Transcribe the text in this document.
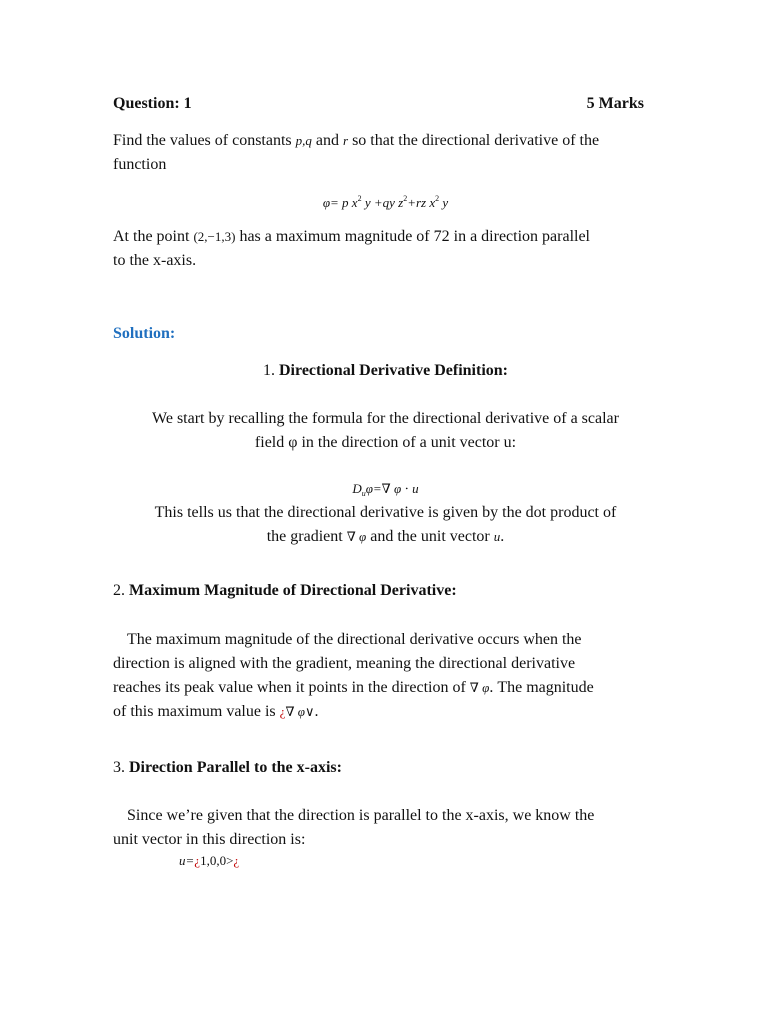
Question: 1	5 Marks
Find the values of constants p,q and r so that the directional derivative of the
function
φ= p $x^2$ y +qy $z^2+rz$ $x^2$ y
At the point (2,−1,3) has a maximum magnitude of 72 in a direction parallel
to the x-axis.
Solution:
1. Directional Derivative Definition:
We start by recalling the formula for the directional derivative of a scalar
field φ in the direction of a unit vector u:
Duφ=∇ φ ⋅ u
This tells us that the directional derivative is given by the dot product of
the gradient ∇ φ and the unit vector u.
2. Maximum Magnitude of Directional Derivative:
The maximum magnitude of the directional derivative occurs when the
direction is aligned with the gradient, meaning the directional derivative
reaches its peak value when it points in the direction of ∇ φ. The magnitude
of this maximum value is ¿∇ φ∨.
3. Direction Parallel to the x-axis:
Since we’re given that the direction is parallel to the x-axis, we know the
unit vector in this direction is:
u=¿1,0,0>¿
